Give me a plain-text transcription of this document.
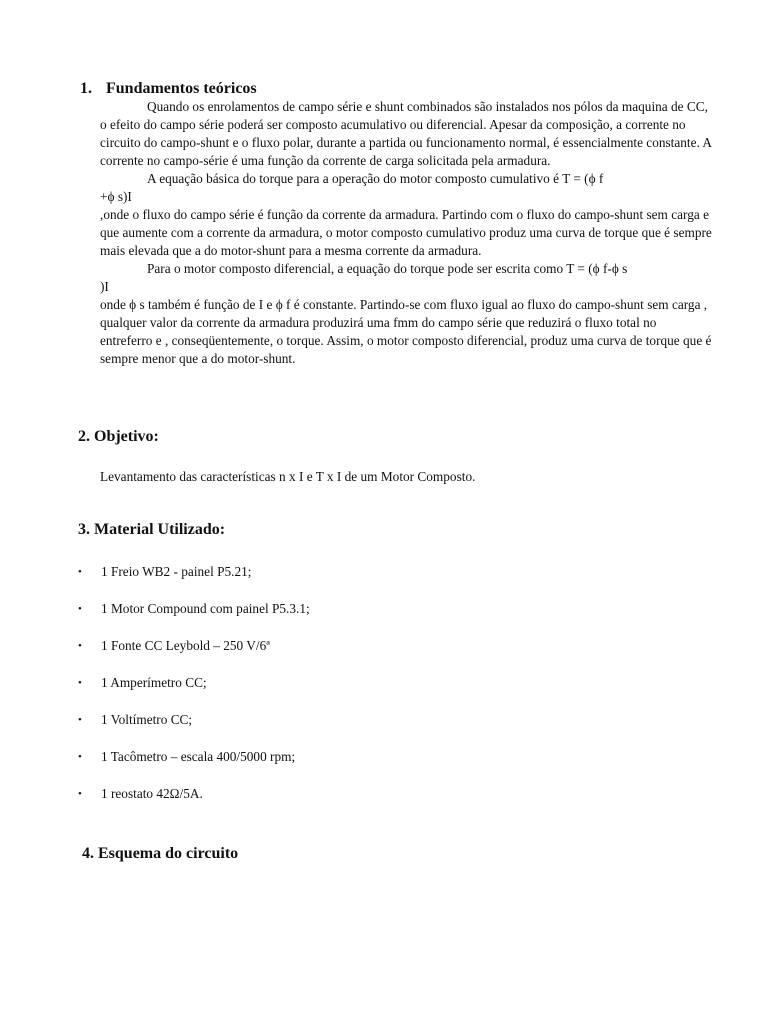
1. Fundamentos teóricos

Quando os enrolamentos de campo série e shunt combinados são instalados nos pólos da maquina de CC, o efeito do campo série poderá ser composto acumulativo ou diferencial. Apesar da composição, a corrente no circuito do campo-shunt e o fluxo polar, durante a partida ou funcionamento normal, é essencialmente constante. A corrente no campo-série é uma função da corrente de carga solicitada pela armadura.

A equação básica do torque para a operação do motor composto cumulativo é T = (ϕ f

+ϕ s)I

,onde o fluxo do campo série é função da corrente da armadura. Partindo com o fluxo do campo-shunt sem carga e que aumente com a corrente da armadura, o motor composto cumulativo produz uma curva de torque que é sempre mais elevada que a do motor-shunt para a mesma corrente da armadura.

Para o motor composto diferencial, a equação do torque pode ser escrita como T = (ϕ f-ϕ s

)I

onde ϕ s também é função de I e ϕ f é constante. Partindo-se com fluxo igual ao fluxo do campo-shunt sem carga , qualquer valor da corrente da armadura produzirá uma fmm do campo série que reduzirá o fluxo total no entreferro e , conseqüentemente, o torque. Assim, o motor composto diferencial, produz uma curva de torque que é sempre menor que a do motor-shunt.

2. Objetivo:
Levantamento das características n x I e T x I de um Motor Composto.
3. Material Utilizado:
•	1 Freio WB2 - painel P5.21;
•	1 Motor Compound com painel P5.3.1;
•	1 Fonte CC Leybold – 250 V/6ª
•	1 Amperímetro CC;
•	1 Voltímetro CC;
•	1 Tacômetro – escala 400/5000 rpm;
•	1 reostato 42Ω/5A.
4. Esquema do circuito
